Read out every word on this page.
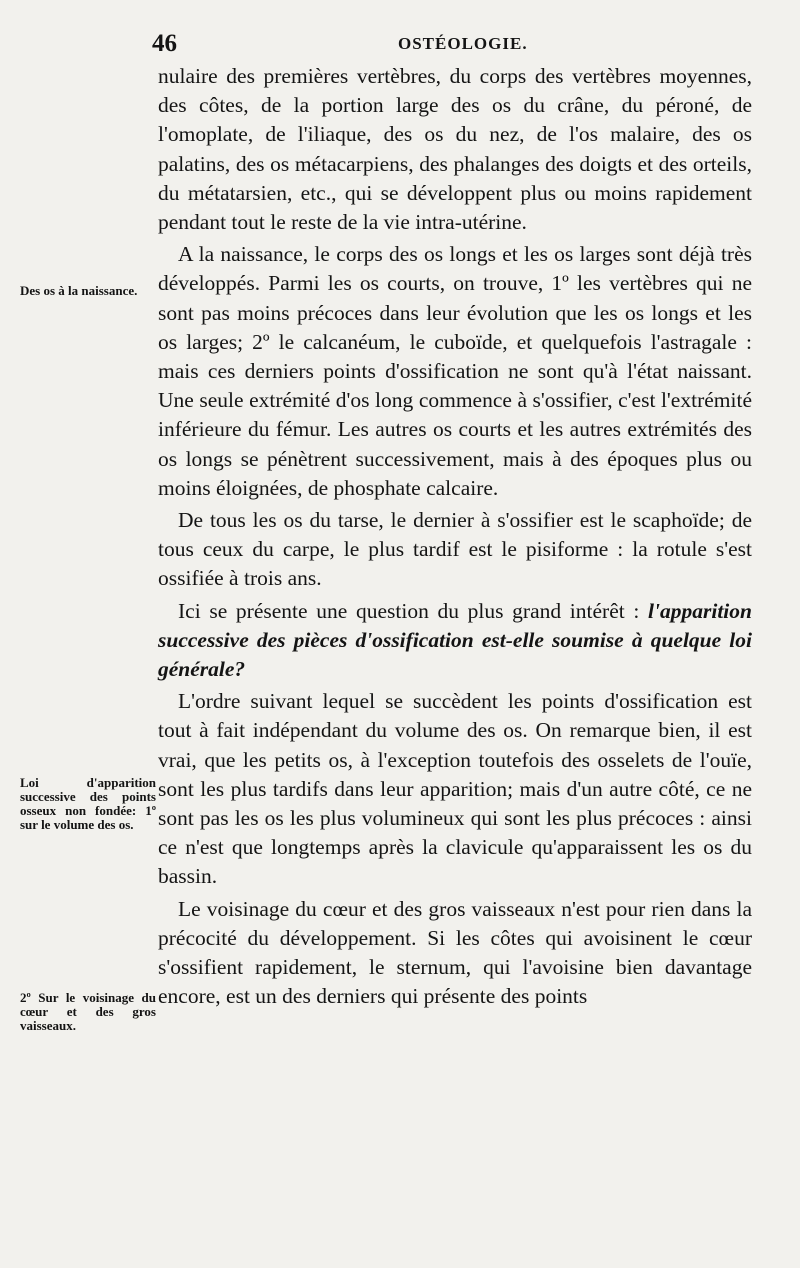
46	OSTÉOLOGIE.
Des os à la naissance.
Loi d'apparition successive des points osseux non fondée: 1º sur le volume des os.
2º Sur le voisinage du cœur et des gros vaisseaux.

nulaire des premières vertèbres, du corps des vertèbres moyennes, des côtes, de la portion large des os du crâne, du péroné, de l'omoplate, de l'iliaque, des os du nez, de l'os malaire, des os palatins, des os métacarpiens, des phalanges des doigts et des orteils, du métatarsien, etc., qui se développent plus ou moins rapidement pendant tout le reste de la vie intra-utérine.

A la naissance, le corps des os longs et les os larges sont déjà très développés. Parmi les os courts, on trouve, 1º les vertèbres qui ne sont pas moins précoces dans leur évolution que les os longs et les os larges; 2º le calcanéum, le cuboïde, et quelquefois l'astragale : mais ces derniers points d'ossification ne sont qu'à l'état naissant. Une seule extrémité d'os long commence à s'ossifier, c'est l'extrémité inférieure du fémur. Les autres os courts et les autres extrémités des os longs se pénètrent successivement, mais à des époques plus ou moins éloignées, de phosphate calcaire.

De tous les os du tarse, le dernier à s'ossifier est le scaphoïde; de tous ceux du carpe, le plus tardif est le pisiforme : la rotule s'est ossifiée à trois ans.

Ici se présente une question du plus grand intérêt : l'apparition successive des pièces d'ossification est-elle soumise à quelque loi générale?

L'ordre suivant lequel se succèdent les points d'ossification est tout à fait indépendant du volume des os. On remarque bien, il est vrai, que les petits os, à l'exception toutefois des osselets de l'ouïe, sont les plus tardifs dans leur apparition; mais d'un autre côté, ce ne sont pas les os les plus volumineux qui sont les plus précoces : ainsi ce n'est que longtemps après la clavicule qu'apparaissent les os du bassin.

Le voisinage du cœur et des gros vaisseaux n'est pour rien dans la précocité du développement. Si les côtes qui avoisinent le cœur s'ossifient rapidement, le sternum, qui l'avoisine bien davantage encore, est un des derniers qui présente des points
